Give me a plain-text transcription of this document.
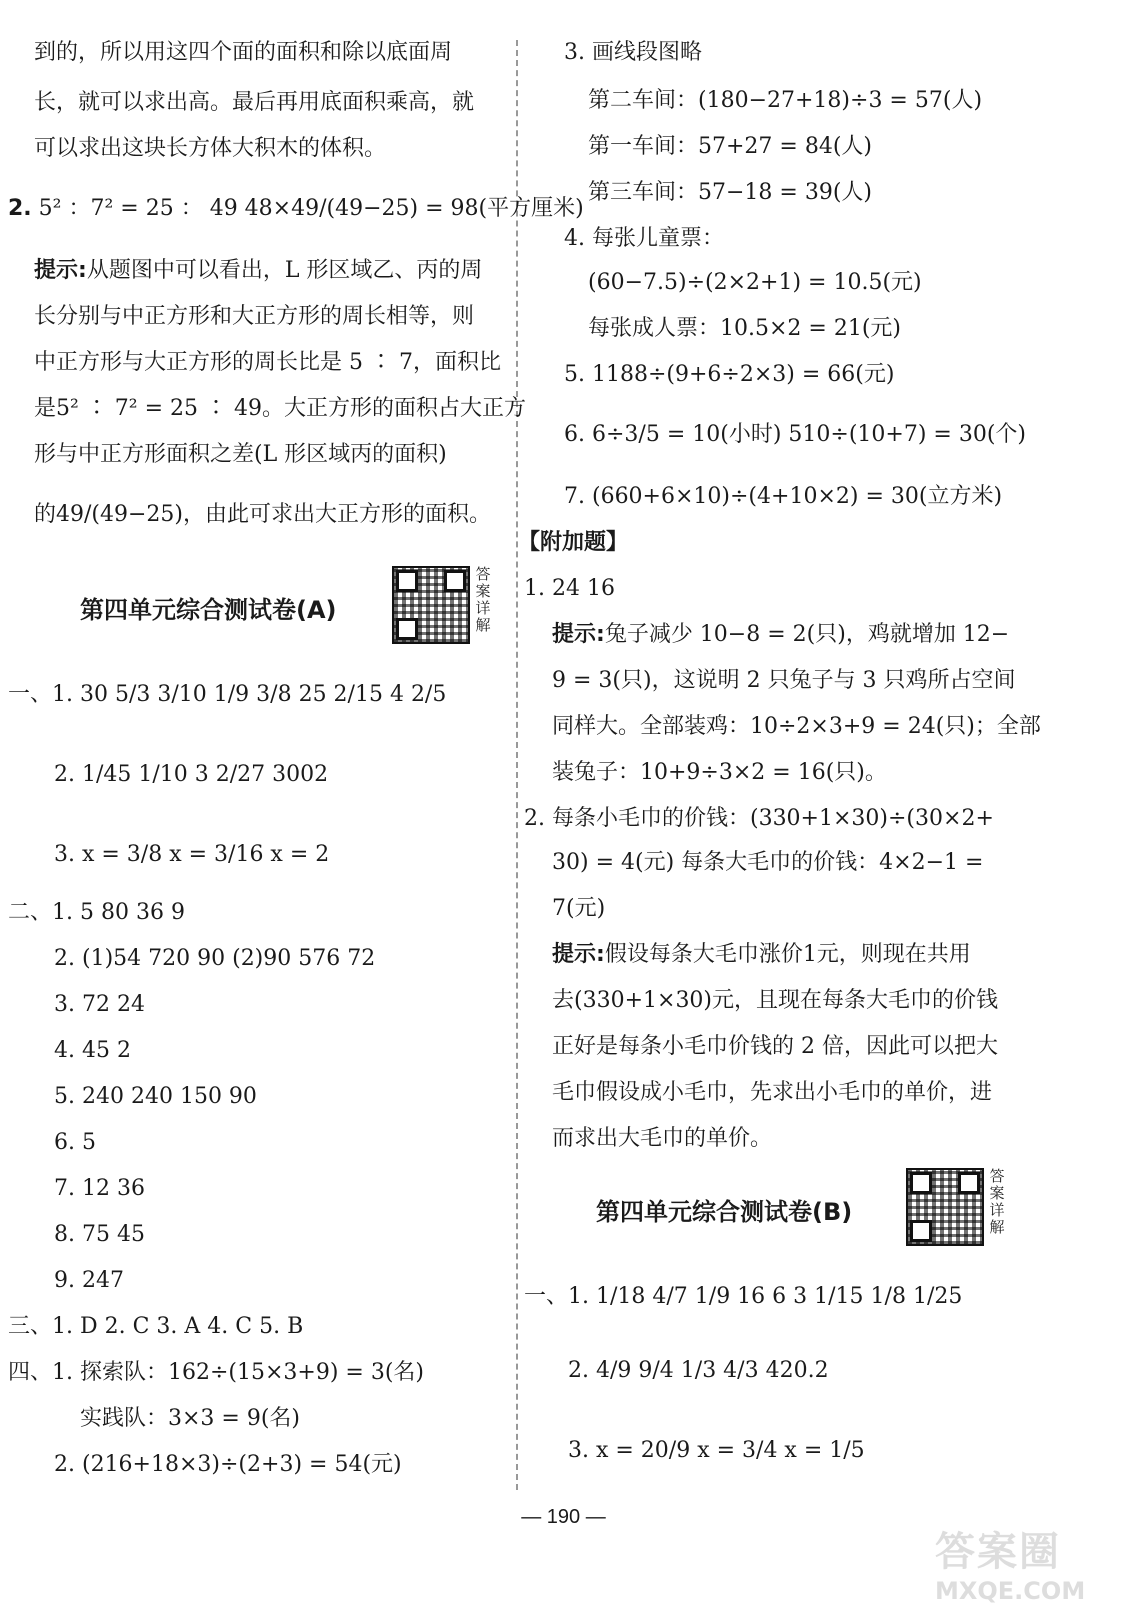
到的，所以用这四个面的面积和除以底面周
长，就可以求出高。最后再用底面积乘高，就
可以求出这块长方体大积木的体积。
2. 5² ：7² = 25 ： 49 48×49/(49−25) = 98(平方厘米)
提示:从题图中可以看出，L 形区域乙、丙的周
长分别与中正方形和大正方形的周长相等，则
中正方形与大正方形的周长比是 5 ∶ 7，面积比
是5² ∶ 7² = 25 ∶ 49。大正方形的面积占大正方
形与中正方形面积之差(L 形区域丙的面积)
的49/(49−25)，由此可求出大正方形的面积。
第四单元综合测试卷(A)
答案详解
一、1. 30 5/3 3/10 1/9 3/8 25 2/15 4 2/5
2. 1/45 1/10 3 2/27 3002
3. x = 3/8 x = 3/16 x = 2
二、1. 5 80 36 9
2. (1)54 720 90 (2)90 576 72
3. 72 24
4. 45 2
5. 240 240 150 90
6. 5
7. 12 36
8. 75 45
9. 247
三、1. D 2. C 3. A 4. C 5. B
四、1. 探索队：162÷(15×3+9) = 3(名)
实践队：3×3 = 9(名)
2. (216+18×3)÷(2+3) = 54(元)
3. 画线段图略
第二车间：(180−27+18)÷3 = 57(人)
第一车间：57+27 = 84(人)
第三车间：57−18 = 39(人)
4. 每张儿童票：
(60−7.5)÷(2×2+1) = 10.5(元)
每张成人票：10.5×2 = 21(元)
5. 1188÷(9+6÷2×3) = 66(元)
6. 6÷3/5 = 10(小时) 510÷(10+7) = 30(个)
7. (660+6×10)÷(4+10×2) = 30(立方米)
【附加题】
1. 24 16
提示:兔子减少 10−8 = 2(只)，鸡就增加 12−
9 = 3(只)，这说明 2 只兔子与 3 只鸡所占空间
同样大。全部装鸡：10÷2×3+9 = 24(只)；全部
装兔子：10+9÷3×2 = 16(只)。
2. 每条小毛巾的价钱：(330+1×30)÷(30×2+
30) = 4(元) 每条大毛巾的价钱：4×2−1 =
7(元)
提示:假设每条大毛巾涨价1元，则现在共用
去(330+1×30)元，且现在每条大毛巾的价钱
正好是每条小毛巾价钱的 2 倍，因此可以把大
毛巾假设成小毛巾，先求出小毛巾的单价，进
而求出大毛巾的单价。
第四单元综合测试卷(B)
答案详解
一、1. 1/18 4/7 1/9 16 6 3 1/15 1/8 1/25
2. 4/9 9/4 1/3 4/3 420.2
3. x = 20/9 x = 3/4 x = 1/5
— 190 —
答案圈
MXQE.COM
